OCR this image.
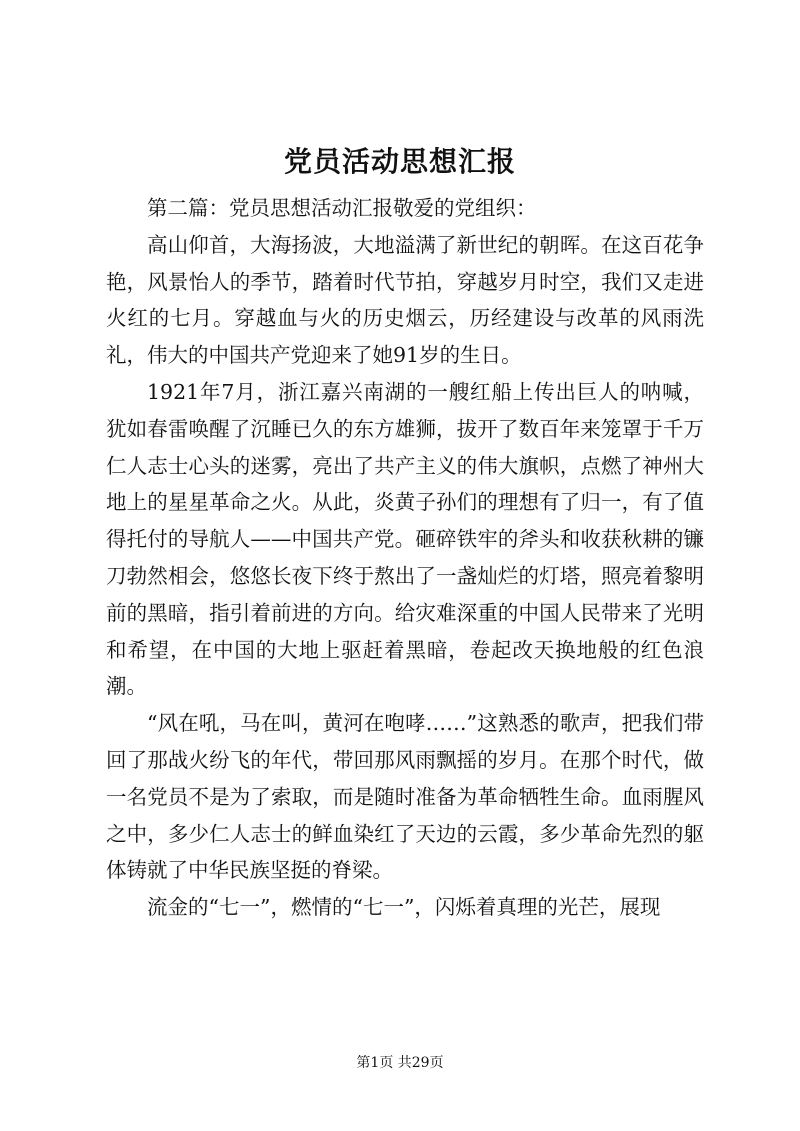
党员活动思想汇报

第二篇：党员思想活动汇报敬爱的党组织：

高山仰首，大海扬波，大地溢满了新世纪的朝晖。在这百花争艳，风景怡人的季节，踏着时代节拍，穿越岁月时空，我们又走进火红的七月。穿越血与火的历史烟云，历经建设与改革的风雨洗礼，伟大的中国共产党迎来了她91岁的生日。

1921年7月，浙江嘉兴南湖的一艘红船上传出巨人的呐喊，犹如春雷唤醒了沉睡已久的东方雄狮，拔开了数百年来笼罩于千万仁人志士心头的迷雾，亮出了共产主义的伟大旗帜，点燃了神州大地上的星星革命之火。从此，炎黄子孙们的理想有了归一，有了值得托付的导航人——中国共产党。砸碎铁牢的斧头和收获秋耕的镰刀勃然相会，悠悠长夜下终于熬出了一盏灿烂的灯塔，照亮着黎明前的黑暗，指引着前进的方向。给灾难深重的中国人民带来了光明和希望，在中国的大地上驱赶着黑暗，卷起改天换地般的红色浪潮。

“风在吼，马在叫，黄河在咆哮……”这熟悉的歌声，把我们带回了那战火纷飞的年代，带回那风雨飘摇的岁月。在那个时代，做一名党员不是为了索取，而是随时准备为革命牺牲生命。血雨腥风之中，多少仁人志士的鲜血染红了天边的云霞，多少革命先烈的躯体铸就了中华民族坚挺的脊梁。

流金的“七一”，燃情的“七一”，闪烁着真理的光芒，展现

第1页 共29页
